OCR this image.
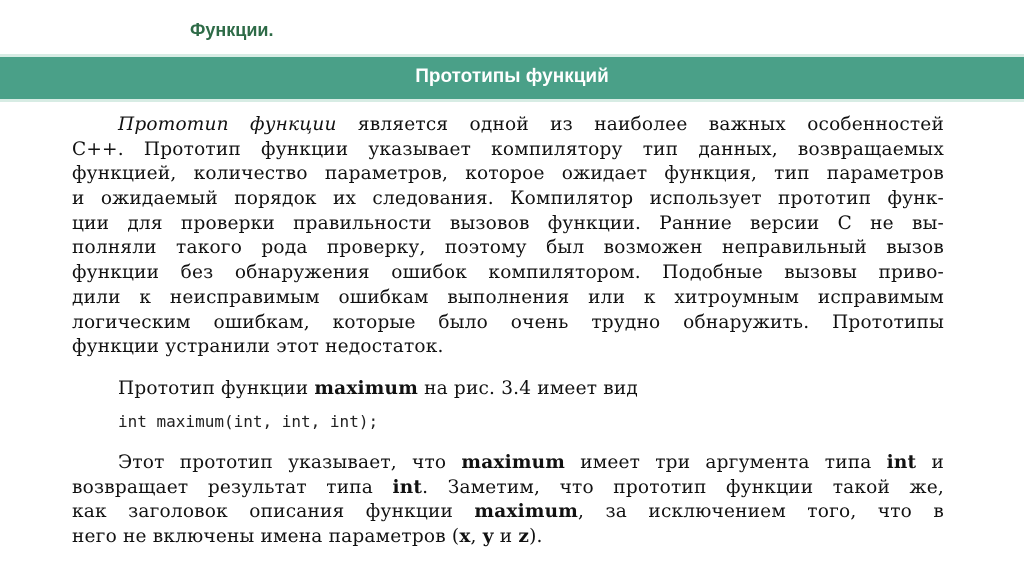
Функции.
Прототипы функций
Прототип функции является одной из наиболее важных особенностей
С++. Прототип функции указывает компилятору тип данных, возвращаемых
функцией, количество параметров, которое ожидает функция, тип параметров
и ожидаемый порядок их следования. Компилятор использует прототип функ-
ции для проверки правильности вызовов функции. Ранние версии С не вы-
полняли такого рода проверку, поэтому был возможен неправильный вызов
функции без обнаружения ошибок компилятором. Подобные вызовы приво-
дили к неисправимым ошибкам выполнения или к хитроумным исправимым
логическим ошибкам, которые было очень трудно обнаружить. Прототипы
функции устранили этот недостаток.
Прототип функции maximum на рис. 3.4 имеет вид
int maximum(int, int, int);
Этот прототип указывает, что maximum имеет три аргумента типа int и
возвращает результат типа int. Заметим, что прототип функции такой же,
как заголовок описания функции maximum, за исключением того, что в
него не включены имена параметров (x, y и z).
